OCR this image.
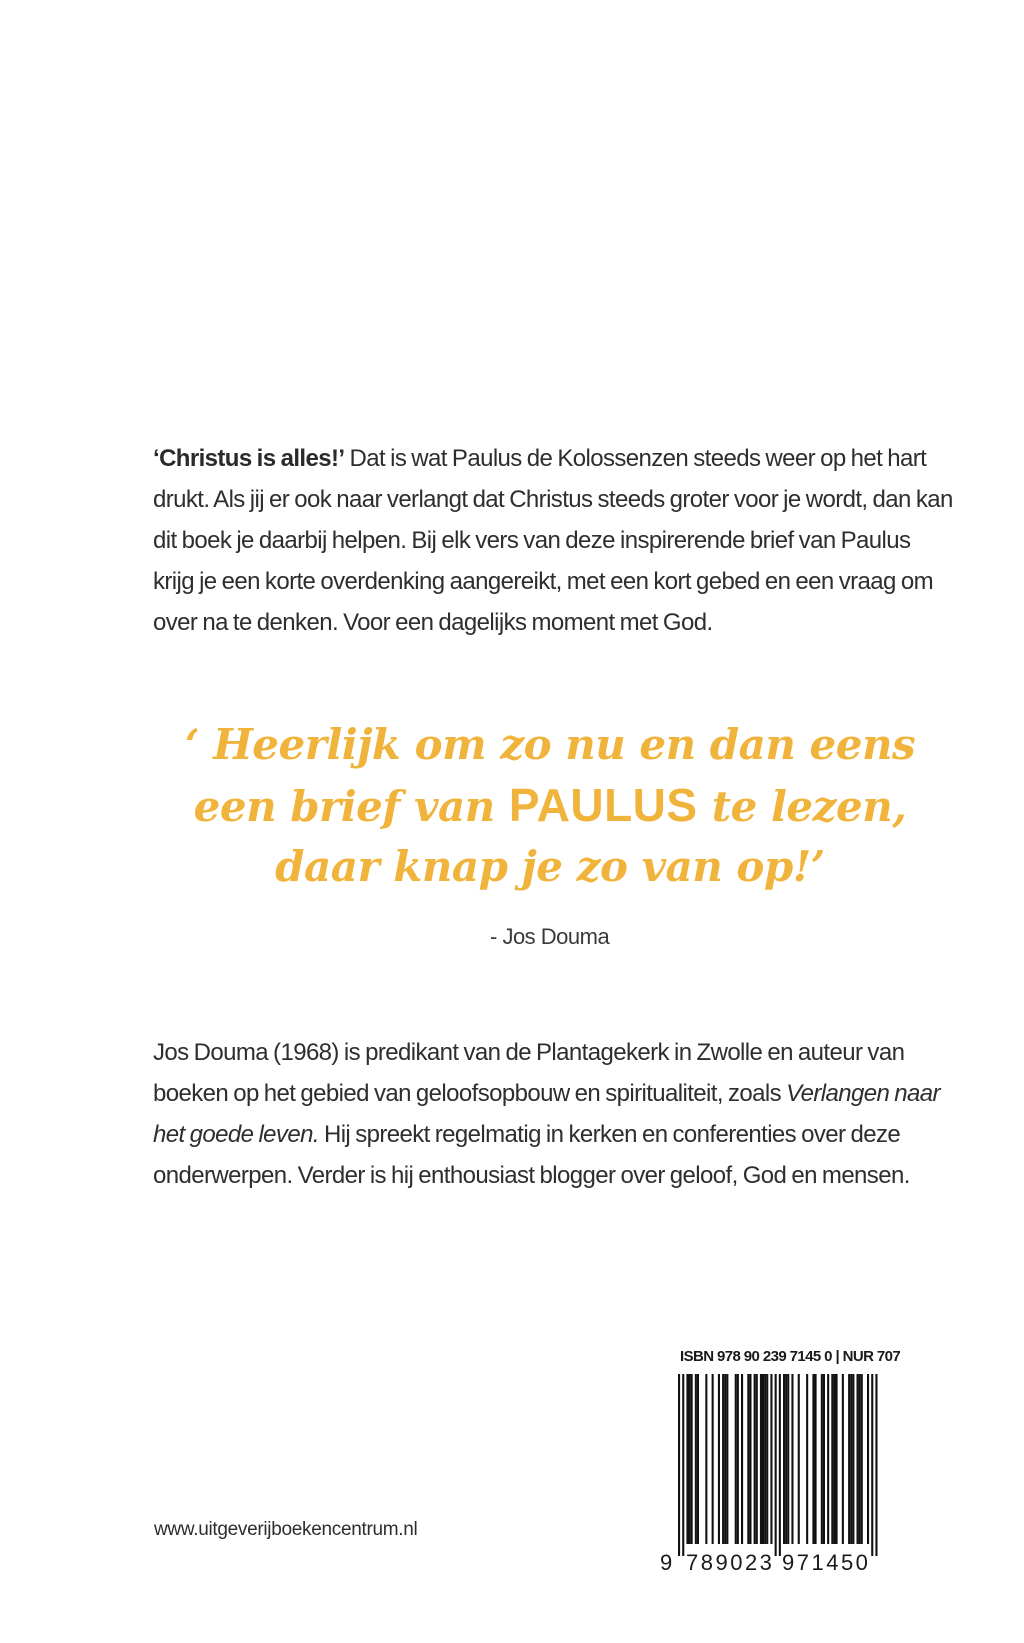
‘Christus is alles!’ Dat is wat Paulus de Kolossenzen steeds weer op het hart drukt. Als jij er ook naar verlangt dat Christus steeds groter voor je wordt, dan kan dit boek je daarbij helpen. Bij elk vers van deze inspirerende brief van Paulus krijg je een korte overdenking aangereikt, met een kort gebed en een vraag om over na te denken. Voor een dagelijks moment met God.

‘ Heerlijk om zo nu en dan eens
een brief van PAULUS te lezen,
daar knap je zo van op!’
- Jos Douma

Jos Douma (1968) is predikant van de Plantagekerk in Zwolle en auteur van boeken op het gebied van geloofsopbouw en spiritualiteit, zoals Verlangen naar het goede leven. Hij spreekt regelmatig in kerken en conferenties over deze onderwerpen. Verder is hij enthousiast blogger over geloof, God en mensen.

www.uitgeverijboekencentrum.nl
ISBN 978 90 239 7145 0 | NUR 707
9 789023 971450
